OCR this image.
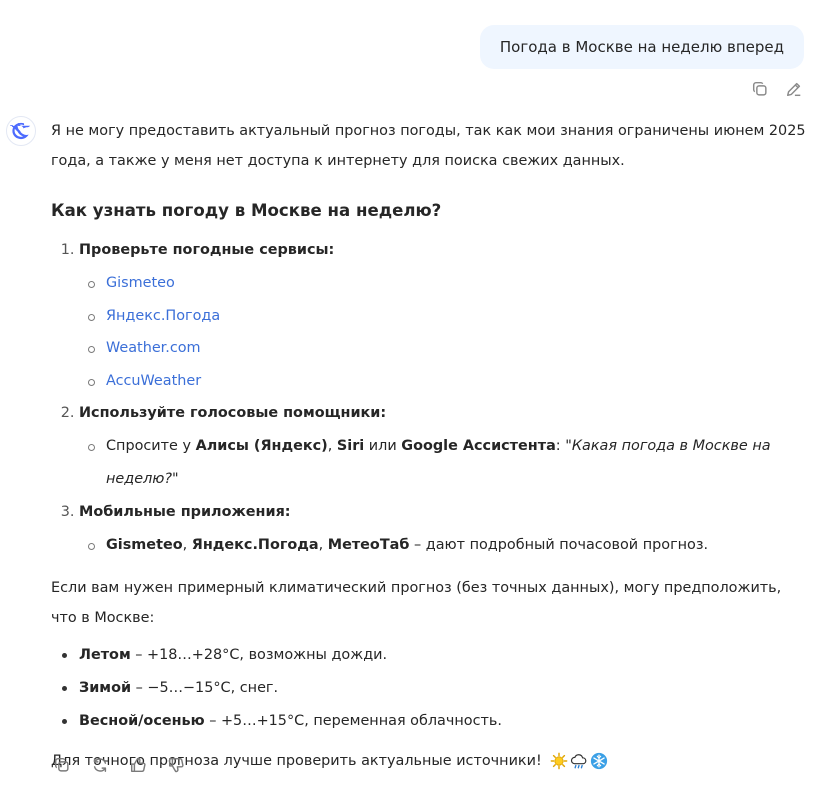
Погода в Москве на неделю вперед

Я не могу предоставить актуальный прогноз погоды, так как мои знания ограничены июнем 2025 года, а также у меня нет доступа к интернету для поиска свежих данных.

Как узнать погоду в Москве на неделю?
1. Проверьте погодные сервисы:
Gismeteo
Яндекс.Погода
Weather.com
AccuWeather
2. Используйте голосовые помощники:
Спросите у Алисы (Яндекс), Siri или Google Ассистента: "Какая погода в Москве на неделю?"
3. Мобильные приложения:
Gismeteo, Яндекс.Погода, МетеоТаб – дают подробный почасовой прогноз.

Если вам нужен примерный климатический прогноз (без точных данных), могу предположить, что в Москве:

Летом – +18…+28°C, возможны дожди.
Зимой – −5…−15°C, снег.
Весной/осенью – +5…+15°C, переменная облачность.

Для точного прогноза лучше проверить актуальные источники!
